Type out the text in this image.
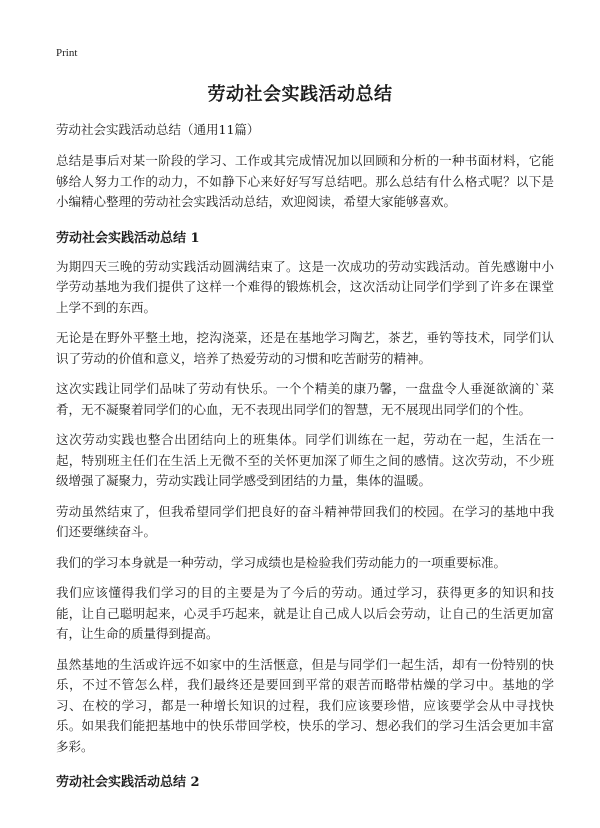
Print
劳动社会实践活动总结

劳动社会实践活动总结（通用11篇）

总结是事后对某一阶段的学习、工作或其完成情况加以回顾和分析的一种书面材料，它能够给人努力工作的动力，不如静下心来好好写写总结吧。那么总结有什么格式呢？以下是小编精心整理的劳动社会实践活动总结，欢迎阅读，希望大家能够喜欢。

劳动社会实践活动总结 1

为期四天三晚的劳动实践活动圆满结束了。这是一次成功的劳动实践活动。首先感谢中小学劳动基地为我们提供了这样一个难得的锻炼机会，这次活动让同学们学到了许多在课堂上学不到的东西。

无论是在野外平整土地，挖沟浇菜，还是在基地学习陶艺，茶艺，垂钓等技术，同学们认识了劳动的价值和意义，培养了热爱劳动的习惯和吃苦耐劳的精神。

这次实践让同学们品味了劳动有快乐。一个个精美的康乃馨，一盘盘令人垂涎欲滴的`菜肴，无不凝聚着同学们的心血，无不表现出同学们的智慧，无不展现出同学们的个性。

这次劳动实践也整合出团结向上的班集体。同学们训练在一起，劳动在一起，生活在一起，特别班主任们在生活上无微不至的关怀更加深了师生之间的感情。这次劳动，不少班级增强了凝聚力，劳动实践让同学感受到团结的力量，集体的温暖。

劳动虽然结束了，但我希望同学们把良好的奋斗精神带回我们的校园。在学习的基地中我们还要继续奋斗。

我们的学习本身就是一种劳动，学习成绩也是检验我们劳动能力的一项重要标准。

我们应该懂得我们学习的目的主要是为了今后的劳动。通过学习，获得更多的知识和技能，让自己聪明起来，心灵手巧起来，就是让自己成人以后会劳动，让自己的生活更加富有，让生命的质量得到提高。

虽然基地的生活或许远不如家中的生活惬意，但是与同学们一起生活，却有一份特别的快乐，不过不管怎么样，我们最终还是要回到平常的艰苦而略带枯燥的学习中。基地的学习、在校的学习，都是一种增长知识的过程，我们应该要珍惜，应该要学会从中寻找快乐。如果我们能把基地中的快乐带回学校，快乐的学习、想必我们的学习生活会更加丰富多彩。

劳动社会实践活动总结 2
